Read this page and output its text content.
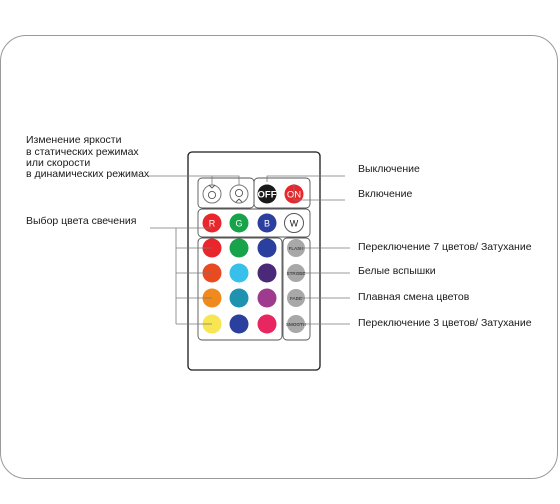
OFF ON
R G B W
FLASH
STROBE
FADE
SMOOTH
Изменение яркости
в статических режимах
или скорости
в динамических режимах
Выбор цвета свечения
Выключение
Включение
Переключение 7 цветов/ Затухание
Белые вспышки
Плавная смена цветов
Переключение 3 цветов/ Затухание
